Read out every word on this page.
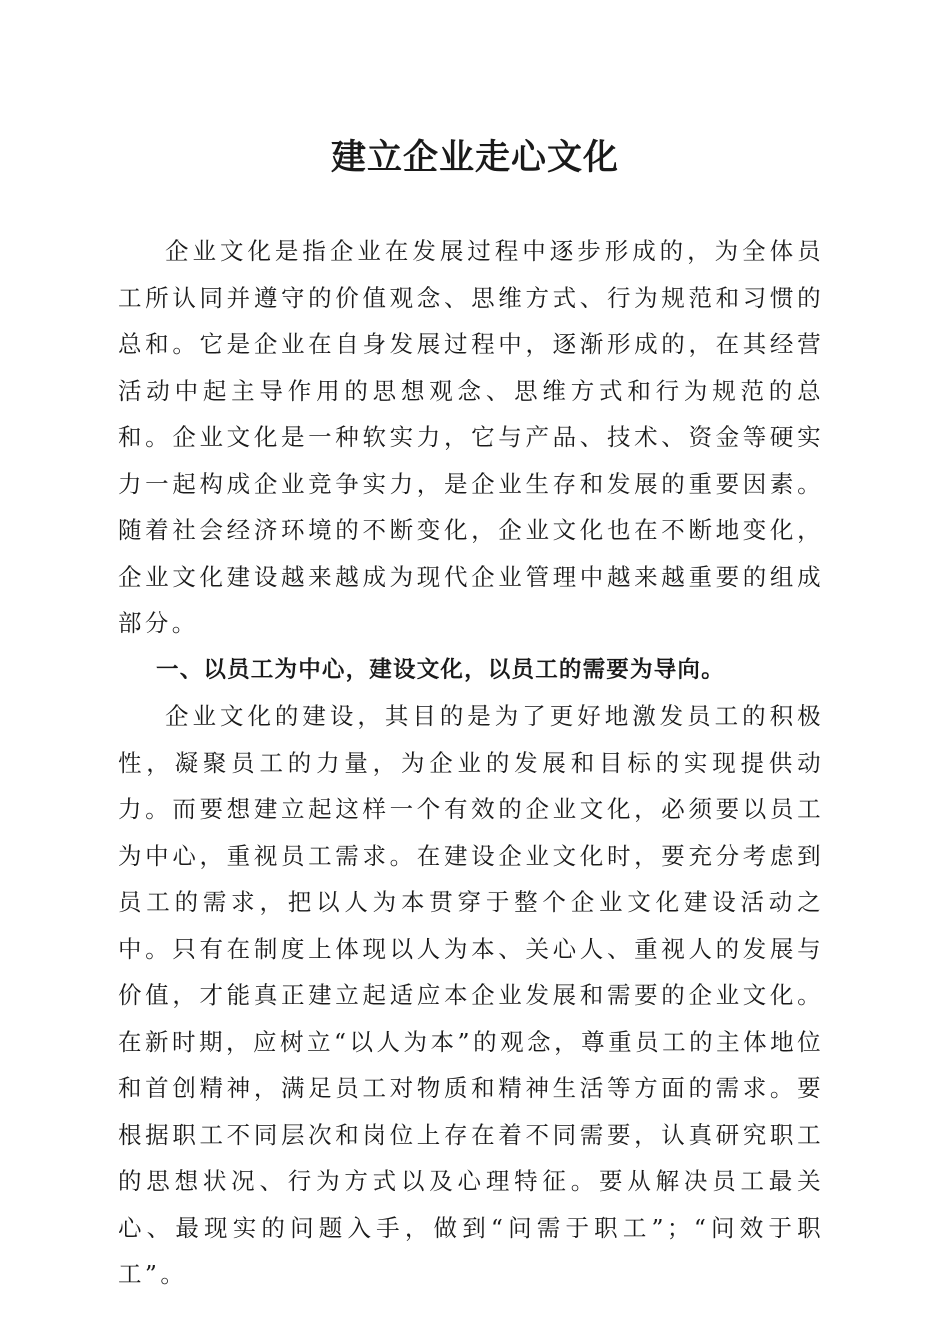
建立企业走心文化

企业文化是指企业在发展过程中逐步形成的，为全体员工所认同并遵守的价值观念、思维方式、行为规范和习惯的总和。它是企业在自身发展过程中，逐渐形成的，在其经营活动中起主导作用的思想观念、思维方式和行为规范的总和。企业文化是一种软实力，它与产品、技术、资金等硬实力一起构成企业竞争实力，是企业生存和发展的重要因素。随着社会经济环境的不断变化，企业文化也在不断地变化，企业文化建设越来越成为现代企业管理中越来越重要的组成部分。

一、以员工为中心，建设文化，以员工的需要为导向。

企业文化的建设，其目的是为了更好地激发员工的积极性，凝聚员工的力量，为企业的发展和目标的实现提供动力。而要想建立起这样一个有效的企业文化，必须要以员工为中心，重视员工需求。在建设企业文化时，要充分考虑到员工的需求，把以人为本贯穿于整个企业文化建设活动之中。只有在制度上体现以人为本、关心人、重视人的发展与价值，才能真正建立起适应本企业发展和需要的企业文化。在新时期，应树立“以人为本”的观念，尊重员工的主体地位和首创精神，满足员工对物质和精神生活等方面的需求。要根据职工不同层次和岗位上存在着不同需要，认真研究职工的思想状况、行为方式以及心理特征。要从解决员工最关心、最现实的问题入手，做到“问需于职工”；“问效于职工”。
